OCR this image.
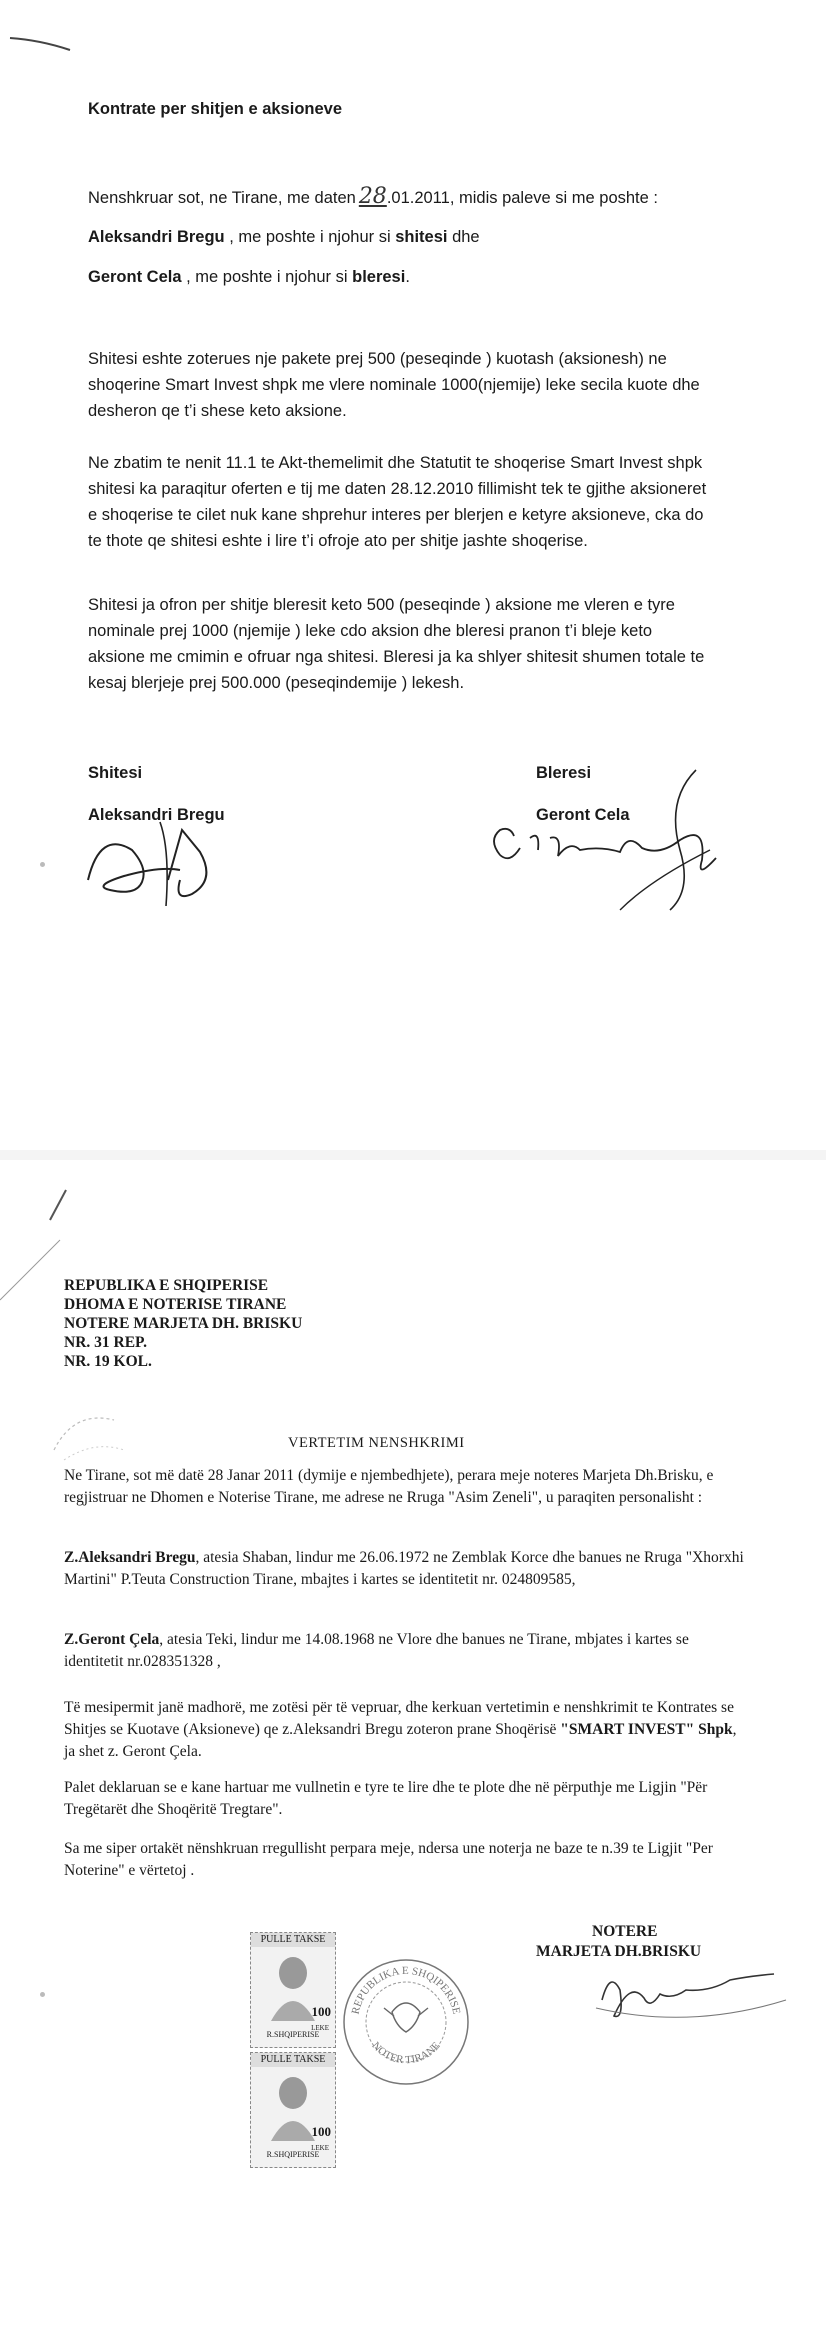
Kontrate per shitjen e aksioneve
Nenshkruar sot, ne Tirane, me daten 28.01.2011, midis paleve si me poshte :
Aleksandri Bregu , me poshte i njohur si shitesi dhe
Geront Cela , me poshte i njohur si bleresi.

Shitesi eshte zoterues nje pakete prej 500 (peseqinde ) kuotash (aksionesh) ne shoqerine Smart Invest shpk me vlere nominale 1000(njemije) leke secila kuote dhe desheron qe t’i shese keto aksione.

Ne zbatim te nenit 11.1 te Akt-themelimit dhe Statutit te shoqerise Smart Invest shpk shitesi ka paraqitur oferten e tij me daten 28.12.2010 fillimisht tek te gjithe aksioneret e shoqerise te cilet nuk kane shprehur interes per blerjen e ketyre aksioneve, cka do te thote qe shitesi eshte i lire t’i ofroje ato per shitje jashte shoqerise.

Shitesi ja ofron per shitje bleresit keto 500 (peseqinde ) aksione me vleren e tyre nominale prej 1000 (njemije ) leke cdo aksion dhe bleresi pranon t’i bleje keto aksione me cmimin e ofruar nga shitesi. Bleresi ja ka shlyer shitesit shumen totale te kesaj blerjeje prej 500.000 (peseqindemije ) lekesh.

Shitesi
Aleksandri Bregu
Bleresi
Geront Cela
REPUBLIKA E SHQIPERISE
DHOMA E NOTERISE TIRANE
NOTERE MARJETA DH. BRISKU
NR. 31 REP.
NR. 19 KOL.
VERTETIM NENSHKRIMI

Ne Tirane, sot më datë 28 Janar 2011 (dymije e njembedhjete), perara meje noteres Marjeta Dh.Brisku, e regjistruar ne Dhomen e Noterise Tirane, me adrese ne Rruga "Asim Zeneli", u paraqiten personalisht :

Z.Aleksandri Bregu, atesia Shaban, lindur me 26.06.1972 ne Zemblak Korce dhe banues ne Rruga "Xhorxhi Martini" P.Teuta Construction Tirane, mbajtes i kartes se identitetit nr. 024809585,

Z.Geront Çela, atesia Teki, lindur me 14.08.1968 ne Vlore dhe banues ne Tirane, mbjates i kartes se identitetit nr.028351328 ,

Të mesipermit janë madhorë, me zotësi për të vepruar, dhe kerkuan vertetimin e nenshkrimit te Kontrates se Shitjes se Kuotave (Aksioneve) qe z.Aleksandri Bregu zoteron prane Shoqërisë "SMART INVEST" Shpk, ja shet z. Geront Çela.

Palet deklaruan se e kane hartuar me vullnetin e tyre te lire dhe te plote dhe në përputhje me Ligjin "Për Tregëtarët dhe Shoqëritë Tregtare".

Sa me siper ortakët nënshkruan rregullisht perpara meje, ndersa une noterja ne baze te n.39 te Ligjit "Per Noterine" e vërtetoj .

NOTERE
MARJETA DH.BRISKU
PULLE TAKSE
100
LEKE
R.SHQIPERISE
PULLE TAKSE
100
LEKE
R.SHQIPERISE
REPUBLIKA E SHQIPERISE
NOTER TIRANE
